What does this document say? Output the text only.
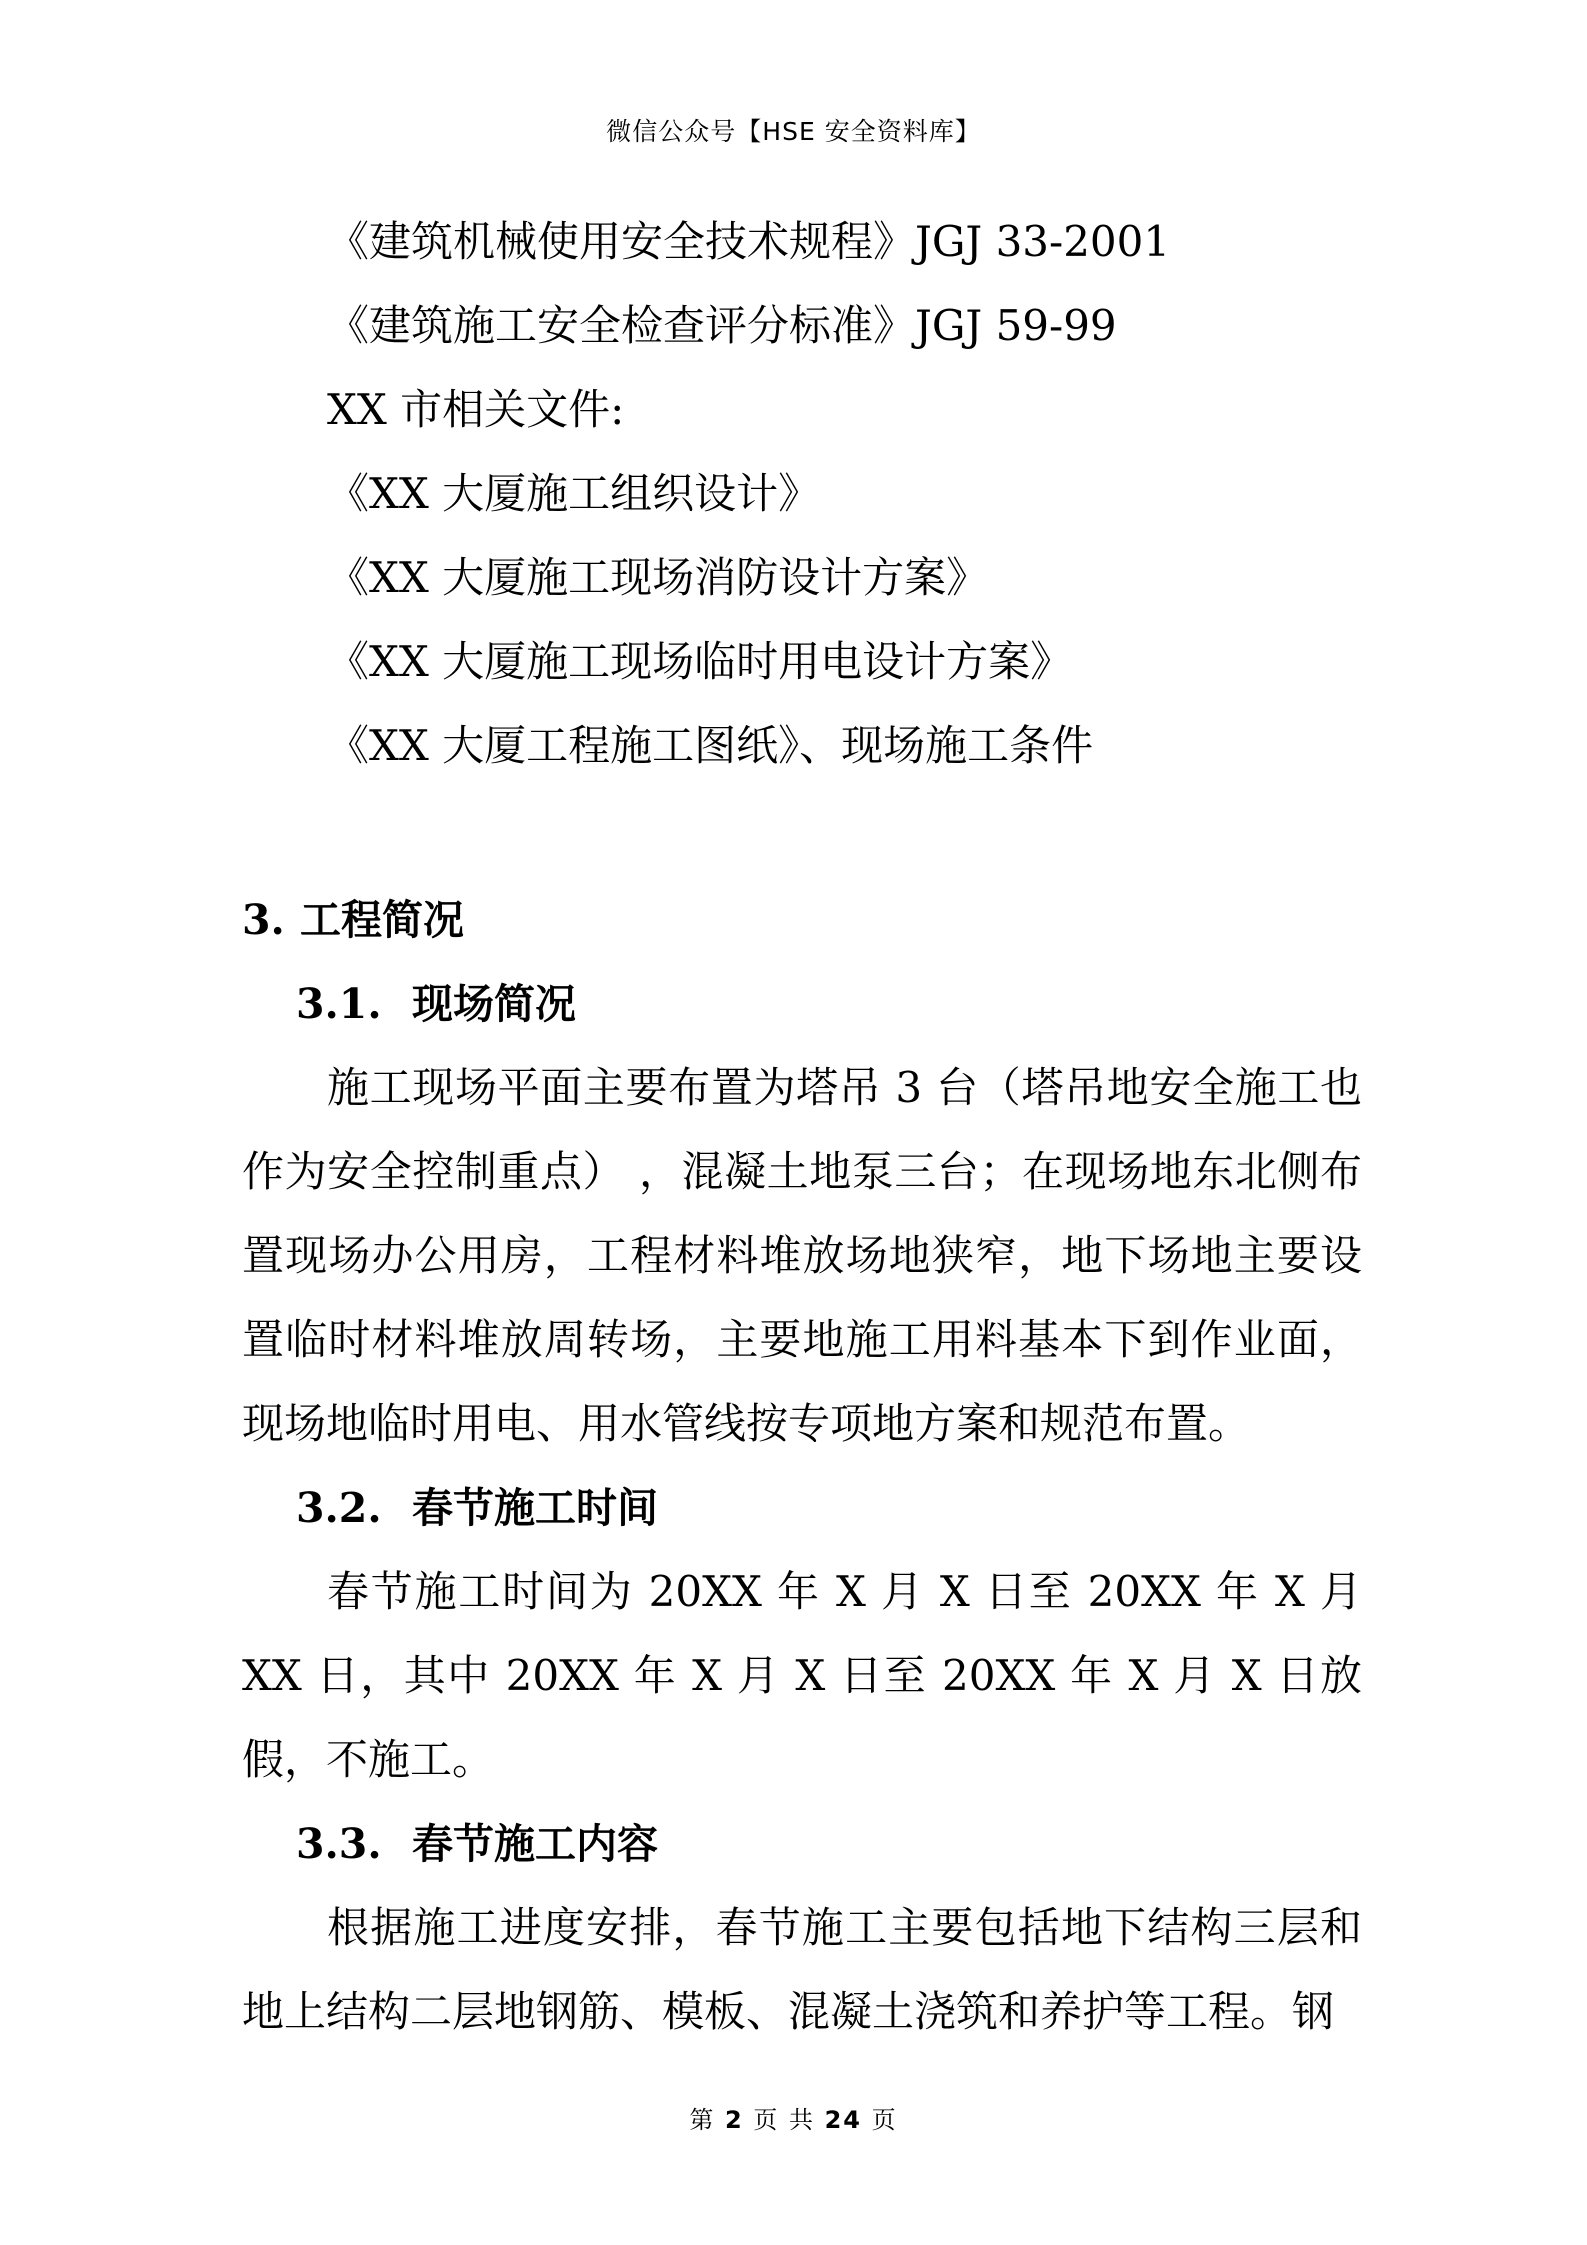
微信公众号【HSE 安全资料库】
《建筑机械使用安全技术规程》JGJ 33-2001
《建筑施工安全检查评分标准》JGJ 59-99
XX 市相关文件:
《XX 大厦施工组织设计》
《XX 大厦施工现场消防设计方案》
《XX 大厦施工现场临时用电设计方案》
《XX 大厦工程施工图纸》、现场施工条件
3. 工程简况
3.1. 现场简况

施工现场平面主要布置为塔吊 3 台（塔吊地安全施工也作为安全控制重点） ，混凝土地泵三台；在现场地东北侧布置现场办公用房，工程材料堆放场地狭窄，地下场地主要设置临时材料堆放周转场，主要地施工用料基本下到作业面，现场地临时用电、用水管线按专项地方案和规范布置。

3.2. 春节施工时间

春节施工时间为 20XX 年 X 月 X 日至 20XX 年 X 月 XX 日，其中 20XX 年 X 月 X 日至 20XX 年 X 月 X 日放假，不施工。

3.3. 春节施工内容

根据施工进度安排，春节施工主要包括地下结构三层和地上结构二层地钢筋、模板、混凝土浇筑和养护等工程。钢

第 2 页 共 24 页
